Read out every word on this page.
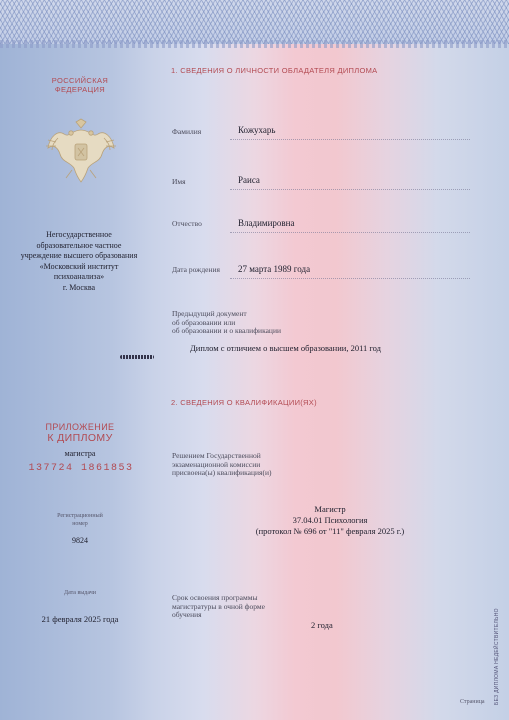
РОССИЙСКАЯ
ФЕДЕРАЦИЯ
Негосударственное
образовательное частное
учреждение высшего образования
«Московский институт
психоанализа»
г. Москва
ПРИЛОЖЕНИЕ
К ДИПЛОМУ
магистра
137724 1861853
Регистрационный
номер
9824
Дата выдачи
21 февраля 2025 года
1. СВЕДЕНИЯ О ЛИЧНОСТИ ОБЛАДАТЕЛЯ ДИПЛОМА
Фамилия	Кожухарь
Имя	Раиса
Отчество	Владимировна
Дата рождения 27 марта 1989 года
Предыдущий документ
об образовании или
об образовании и о квалификации
Диплом с отличием о высшем образовании, 2011 год
2. СВЕДЕНИЯ О КВАЛИФИКАЦИИ(ЯХ)
Решением Государственной
экзаменационной комиссии
присвоена(ы) квалификация(и)
Магистр
37.04.01 Психология
(протокол № 696 от "11" февраля 2025 г.)
Срок освоения программы
магистратуры в очной форме
обучения
2 года	БЕЗ ДИПЛОМА НЕДЕЙСТВИТЕЛЬНО
Страница
